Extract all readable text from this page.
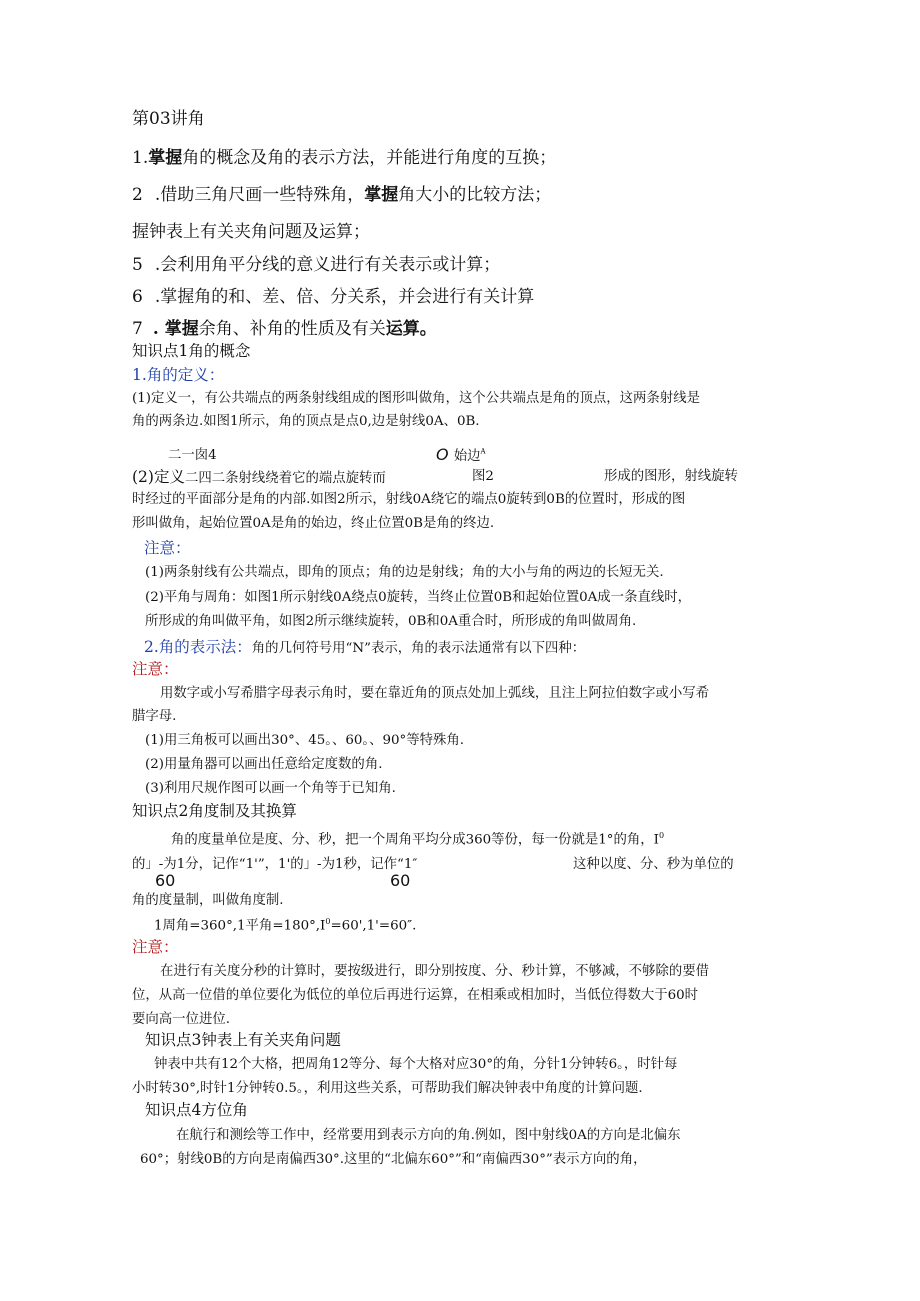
第03讲角
1.掌握角的概念及角的表示方法，并能进行角度的互换；
2 .借助三角尺画一些特殊角，掌握角大小的比较方法；
握钟表上有关夹角问题及运算；
5 .会利用角平分线的意义进行有关表示或计算；
6 .掌握角的和、差、倍、分关系，并会进行有关计算
7 . 掌握余角、补角的性质及有关运算。
知识点1角的概念
1.角的定义：
(1)定义一，有公共端点的两条射线组成的图形叫做角，这个公共端点是角的顶点，这两条射线是
角的两条边.如图1所示，角的顶点是点0,边是射线0A、0B.
二一囱4	O 始边$^A$
(2)定义二四二条射线绕着它的端点旋转而	图2	形成的图形，射线旋转
时经过的平面部分是角的内部.如图2所示，射线0A绕它的端点0旋转到0B的位置时，形成的图
形叫做角，起始位置0A是角的始边，终止位置0B是角的终边.
注意：
(1)两条射线有公共端点，即角的顶点；角的边是射线；角的大小与角的两边的长短无关.
(2)平角与周角：如图1所示射线0A绕点0旋转，当终止位置0B和起始位置0A成一条直线时，
所形成的角叫做平角，如图2所示继续旋转，0B和0A重合时，所形成的角叫做周角.
2.角的表示法：角的几何符号用“N”表示，角的表示法通常有以下四种：
注意：
用数字或小写希腊字母表示角时，要在靠近角的顶点处加上弧线，且注上阿拉伯数字或小写希
腊字母.
(1)用三角板可以画出30°、45。、60。、90°等特殊角.
(2)用量角器可以画出任意给定度数的角.
(3)利用尺规作图可以画一个角等于已知角.
知识点2角度制及其换算
角的度量单位是度、分、秒，把一个周角平均分成360等份，每一份就是1°的角，$I^0$
的」-为1分，记作“1'”，1'的」-为1秒，记作“1″	这种以度、分、秒为单位的
60	60
角的度量制，叫做角度制.
1周角=360°,1平角$=180^\circ,I^0=60',1'=60''$.
注意：
在进行有关度分秒的计算时，要按级进行，即分别按度、分、秒计算，不够减，不够除的要借
位，从高一位借的单位要化为低位的单位后再进行运算，在相乘或相加时，当低位得数大于60时
要向高一位进位.
知识点3钟表上有关夹角问题
钟表中共有12个大格，把周角12等分、每个大格对应30°的角，分针1分钟转6。，时针每
小时转30°,时针1分钟转0.5。，利用这些关系，可帮助我们解决钟表中角度的计算问题.
知识点4方位角
在航行和测绘等工作中，经常要用到表示方向的角.例如，图中射线0A的方向是北偏东
60°；射线0B的方向是南偏西30°.这里的“北偏东60°”和“南偏西30°”表示方向的角，
